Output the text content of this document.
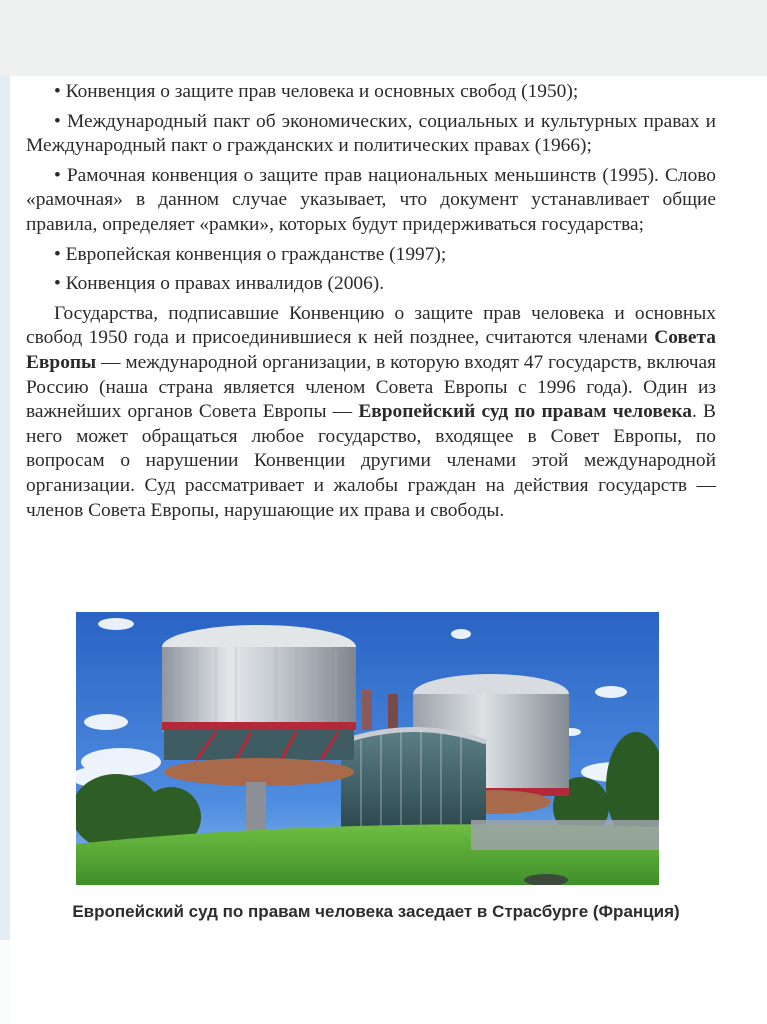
• Конвенция о защите прав человека и основных свобод (1950);

• Международный пакт об экономических, социальных и культурных правах и Международный пакт о гражданских и политических правах (1966);

• Рамочная конвенция о защите прав национальных меньшинств (1995). Слово «рамочная» в данном случае указывает, что документ устанавливает общие правила, определяет «рамки», которых будут придерживаться государства;

• Европейская конвенция о гражданстве (1997);

• Конвенция о правах инвалидов (2006).

Государства, подписавшие Конвенцию о защите прав человека и основных свобод 1950 года и присоединившиеся к ней позднее, считаются членами Совета Европы — международной организации, в которую входят 47 государств, включая Россию (наша страна является членом Совета Европы с 1996 года). Один из важнейших органов Совета Европы — Европейский суд по правам человека. В него может обращаться любое государство, входящее в Совет Европы, по вопросам о нарушении Конвенции другими членами этой международной организации. Суд рассматривает и жалобы граждан на действия государств — членов Совета Европы, нарушающие их права и свободы.

Европейский суд по правам человека заседает в Страсбурге (Франция)
